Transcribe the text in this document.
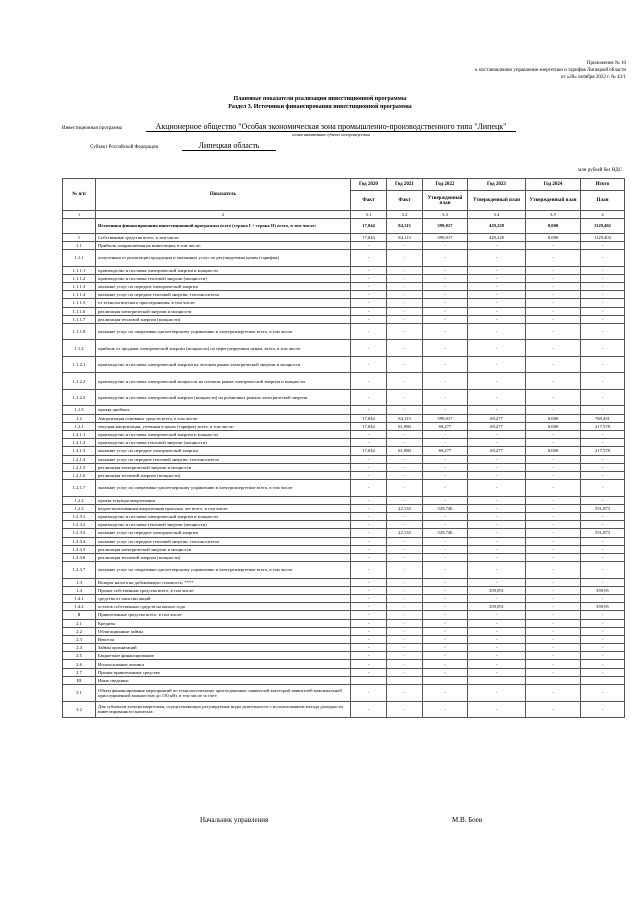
Приложение № 10
к постановлению управления энергетики и тарифов Липецкой области
от «28» октября 2022 г. № 43/1
Плановые показатели реализации инвестиционной программы
Раздел 3. Источники финансирования инвестиционной программы
Инвестиционная программа	Акционерное общество "Особая экономическая зона промышленно-производственного типа "Липецк"
полное наименование субъекта электроэнергетики
Субъект Российской Федерации	Липецкая область
млн рублей без НДС
№ п/п	Показатель	Год 2020	Год 2021	Год 2022	Год 2023	Год 2024	Итого
		Факт	Факт	Утвержденный план	Утвержденный план	Утвержденный план	План
1	2	3.1	3.2	3.3	3.4	3.5	4
	Источники финансирования инвестиционной программы всего (строка I + строка II) всего, в том числе:	17,044	84,113	599,017	429,228	0,000	1129,402
I	Собственные средства всего, в том числе:	17,044	84,113	599,017	429,228	0,000	1129,402
1.1	Прибыль, направляемая на инвестиции, в том числе:	-	-	-	-	-	-
1.1.1	полученная от реализации продукции и оказанных услуг по регулируемым ценам (тарифам)	-	-	-	-	-	-
1.1.1.1	производство и поставка электрической энергии и мощности	-	-	-	-	-	-
1.1.1.2	производство и поставка тепловой энергии (мощности)	-	-	-	-	-	-
1.1.1.3	оказание услуг по передаче электрической энергии	-	-	-	-	-	-
1.1.1.4	оказание услуг по передаче тепловой энергии, теплоносителя	-	-	-	-	-	-
1.1.1.5	от технологического присоединения, в том числе:	-	-	-	-	-	-
1.1.1.6	реализация электрической энергии и мощности	-	-	-	-	-	-
1.1.1.7	реализация тепловой энергии (мощности)	-	-	-	-	-	-
1.1.1.8	оказание услуг по оперативно-диспетчерскому управлению в электроэнергетике всего, в том числе:	-	-	-	-	-	-
1.1.2	прибыль от продажи электрической энергии (мощности) по нерегулируемым ценам, всего, в том числе:	-	-	-	-	-	-
1.1.2.1	производство и поставка электрической энергии на оптовом рынке электрической энергии и мощности	-	-	-	-	-	-
1.1.2.2	производство и поставка электрической мощности на оптовом рынке электрической энергии и мощности	-	-	-	-	-	-
1.1.2.3	производство и поставка электрической энергии (мощности) на розничных рынках электрической энергии	-	-	-	-	-	-
1.1.3	прочая прибыль	-	-	-	-	-	-
1.2	Амортизация основных средств всего, в том числе:	17,044	84,113	599,017	69,277	0,000	769,451
1.2.1	текущая амортизация, учтенная в ценах (тарифах) всего, в том числе:	17,044	61,980	69,277	69,277	0,000	217,578
1.2.1.1	производство и поставка электрической энергии и мощности	-	-	-	-	-	-
1.2.1.2	производство и поставка тепловой энергии (мощности)	-	-	-	-	-	-
1.2.1.3	оказание услуг по передаче электрической энергии	17,044	61,980	69,277	69,277	0,000	217,578
1.2.1.4	оказание услуг по передаче тепловой энергии, теплоносителя	-	-	-	-	-	-
1.2.1.5	реализация электрической энергии и мощности	-	-	-	-	-	-
1.2.1.6	реализация тепловой энергии (мощности)	-	-	-	-	-	-
1.2.1.7	оказание услуг по оперативно-диспетчерскому управлению в электроэнергетике всего, в том числе:	-	-	-	-	-	-
1.2.2	прочая текущая амортизация	-	-	-	-	-	-
1.2.3	недоиспользованная амортизация прошлых лет всего, в том числе:	-	22,133	529,740	-	-	551,873
1.2.3.1	производство и поставка электрической энергии и мощности	-	-	-	-	-	-
1.2.3.2	производство и поставка тепловой энергии (мощности)	-	-	-	-	-	-
1.2.3.3	оказание услуг по передаче электрической энергии	-	22,133	529,740	-	-	551,873
1.2.3.4	оказание услуг по передаче тепловой энергии, теплоносителя	-	-	-	-	-	-
1.2.3.5	реализация электрической энергии и мощности	-	-	-	-	-	-
1.2.3.6	реализация тепловой энергии (мощности)	-	-	-	-	-	-
1.2.3.7	оказание услуг по оперативно-диспетчерскому управлению в электроэнергетике всего, в том числе:	-	-	-	-	-	-
1.3	Возврат налога на добавленную стоимость, ****	-	-	-	-	-	-
1.4	Прочие собственные средства всего, в том числе:	-	-	-	359,951	-	359,95
1.4.1	средства от эмиссии акций	-	-	-	-	-	-
1.4.2	остаток собственных средств на начало года	-	-	-	359,951	-	359,95
II	Привлеченные средства всего, в том числе:	-	-	-	-	-	-
2.1	Кредиты	-	-	-	-	-	-
2.2	Облигационные займы	-	-	-	-	-	-
2.3	Векселя	-	-	-	-	-	-
2.4	Займы организаций	-	-	-	-	-	-
2.5	Бюджетное финансирование	-	-	-	-	-	-
2.6	Использование лизинга	-	-	-	-	-	-
2.7	Прочие привлеченные средства	-	-	-	-	-	-
III	Иные сведения:						
3.1	Объем финансирования мероприятий по технологическому присоединению заявителей категорий заявителей максимальной присоединенной мощностью до 150 кВт, в том числе за счет:	-	-	-	-	-	-
3.2	Для субъектов электроэнергетики, осуществляющих регулируемые виды деятельности с использованием метода доходности инвестированного капитала:	-	-	-	-	-	-
Начальник управления	М.В. Боев
